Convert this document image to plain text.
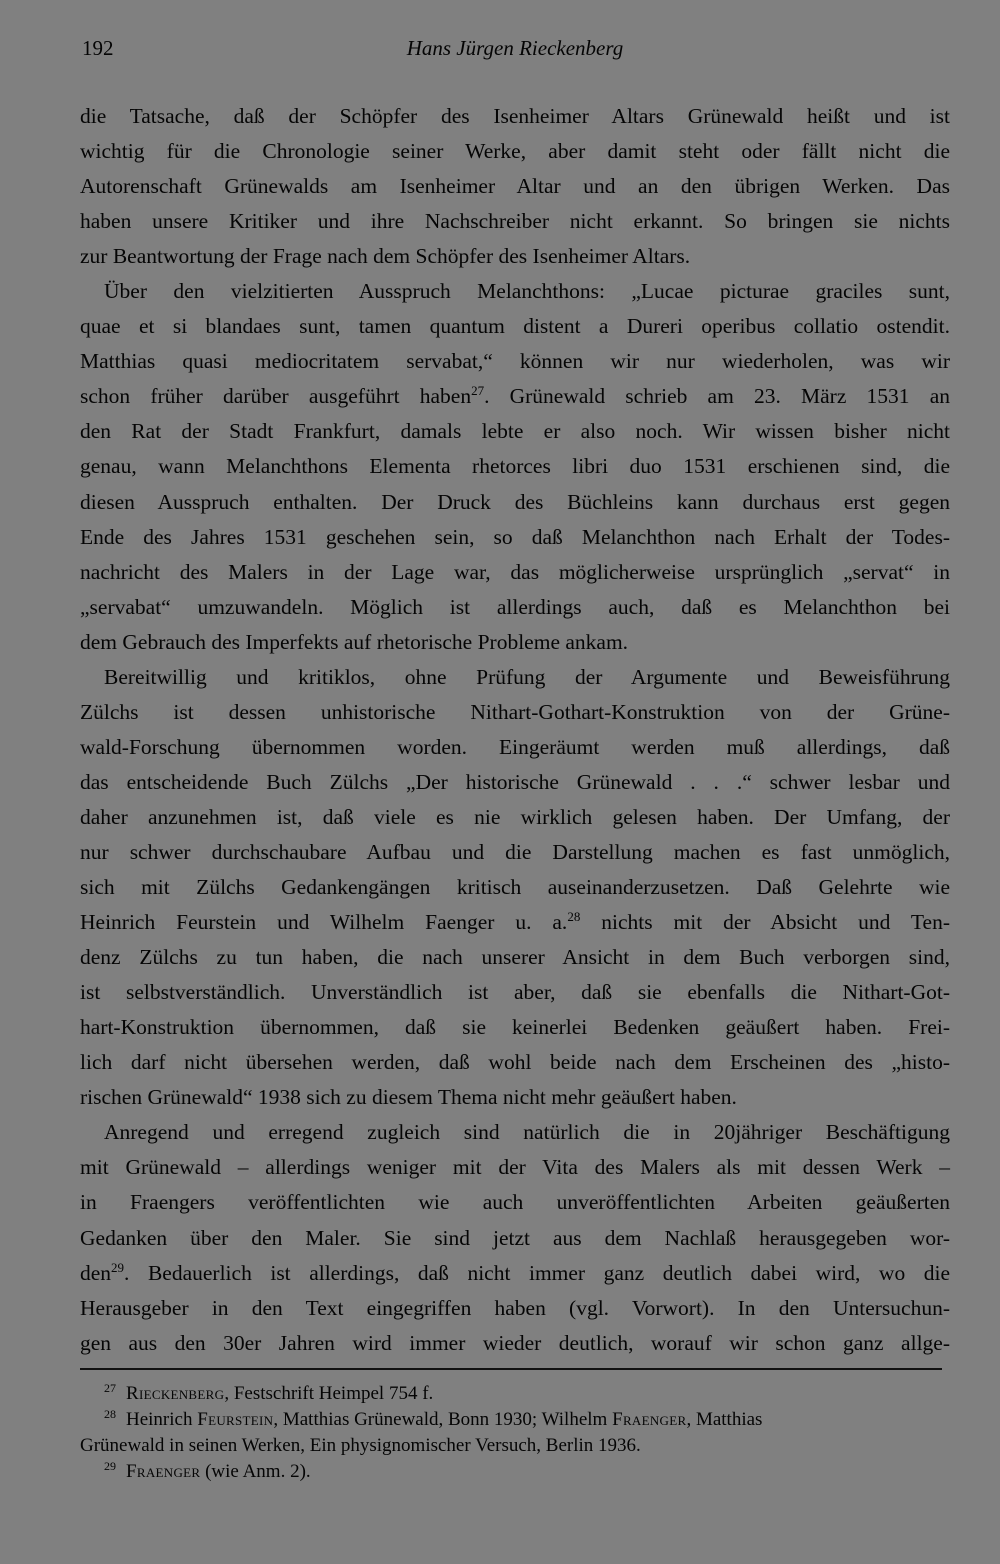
192	Hans Jürgen Rieckenberg
die Tatsache, daß der Schöpfer des Isenheimer Altars Grünewald heißt und ist
wichtig für die Chronologie seiner Werke, aber damit steht oder fällt nicht die
Autorenschaft Grünewalds am Isenheimer Altar und an den übrigen Werken. Das
haben unsere Kritiker und ihre Nachschreiber nicht erkannt. So bringen sie nichts
zur Beantwortung der Frage nach dem Schöpfer des Isenheimer Altars.
Über den vielzitierten Ausspruch Melanchthons: „Lucae picturae graciles sunt,
quae et si blandaes sunt, tamen quantum distent a Dureri operibus collatio ostendit.
Matthias quasi mediocritatem servabat,“ können wir nur wiederholen, was wir
schon früher darüber ausgeführt haben$^{27}$. Grünewald schrieb am 23. März 1531 an
den Rat der Stadt Frankfurt, damals lebte er also noch. Wir wissen bisher nicht
genau, wann Melanchthons Elementa rhetorces libri duo 1531 erschienen sind, die
diesen Ausspruch enthalten. Der Druck des Büchleins kann durchaus erst gegen
Ende des Jahres 1531 geschehen sein, so daß Melanchthon nach Erhalt der Todes-
nachricht des Malers in der Lage war, das möglicherweise ursprünglich „servat“ in
„servabat“ umzuwandeln. Möglich ist allerdings auch, daß es Melanchthon bei
dem Gebrauch des Imperfekts auf rhetorische Probleme ankam.
Bereitwillig und kritiklos, ohne Prüfung der Argumente und Beweisführung
Zülchs ist dessen unhistorische Nithart-Gothart-Konstruktion von der Grüne-
wald-Forschung übernommen worden. Eingeräumt werden muß allerdings, daß
das entscheidende Buch Zülchs „Der historische Grünewald . . .“ schwer lesbar und
daher anzunehmen ist, daß viele es nie wirklich gelesen haben. Der Umfang, der
nur schwer durchschaubare Aufbau und die Darstellung machen es fast unmöglich,
sich mit Zülchs Gedankengängen kritisch auseinanderzusetzen. Daß Gelehrte wie
Heinrich Feurstein und Wilhelm Faenger u. a.$^{28}$ nichts mit der Absicht und Ten-
denz Zülchs zu tun haben, die nach unserer Ansicht in dem Buch verborgen sind,
ist selbstverständlich. Unverständlich ist aber, daß sie ebenfalls die Nithart-Got-
hart-Konstruktion übernommen, daß sie keinerlei Bedenken geäußert haben. Frei-
lich darf nicht übersehen werden, daß wohl beide nach dem Erscheinen des „histo-
rischen Grünewald“ 1938 sich zu diesem Thema nicht mehr geäußert haben.
Anregend und erregend zugleich sind natürlich die in 20jähriger Beschäftigung
mit Grünewald – allerdings weniger mit der Vita des Malers als mit dessen Werk –
in Fraengers veröffentlichten wie auch unveröffentlichten Arbeiten geäußerten
Gedanken über den Maler. Sie sind jetzt aus dem Nachlaß herausgegeben wor-
den$^{29}$. Bedauerlich ist allerdings, daß nicht immer ganz deutlich dabei wird, wo die
Herausgeber in den Text eingegriffen haben (vgl. Vorwort). In den Untersuchun-
gen aus den 30er Jahren wird immer wieder deutlich, worauf wir schon ganz allge-
$^{27}$ Rieckenberg, Festschrift Heimpel 754 f.
$^{28}$ Heinrich Feurstein, Matthias Grünewald, Bonn 1930; Wilhelm Fraenger, Matthias
Grünewald in seinen Werken, Ein physignomischer Versuch, Berlin 1936.
$^{29}$ Fraenger (wie Anm. 2).
